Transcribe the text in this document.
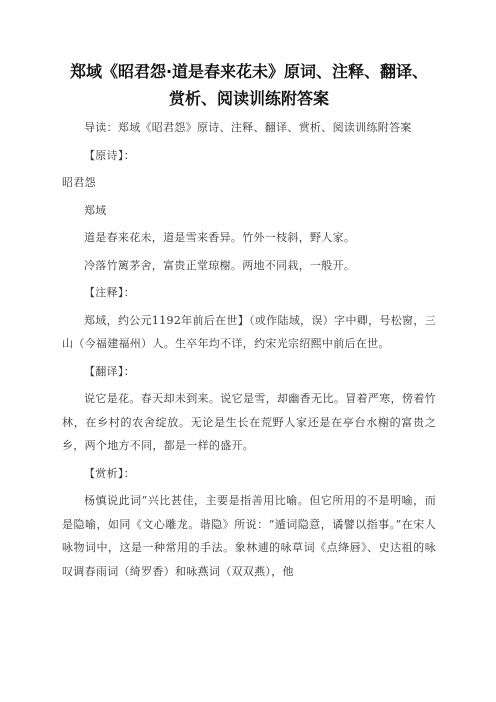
郑域《昭君怨·道是春来花未》原词、注释、翻译、赏析、阅读训练附答案
导读：郑域《昭君怨》原诗、注释、翻译、赏析、阅读训练附答案
【原诗】：
昭君怨
郑域
道是春来花未，道是雪来香异。竹外一枝斜，野人家。
冷落竹篱茅舍，富贵正堂琼榭。两地不同栽，一般开。
【注释】：
郑域，约公元1192年前后在世】（或作陆域，误）字中卿，号松窗，三山（今福建福州）人。生卒年均不详，约宋光宗绍熙中前后在世。
【翻译】：
说它是花。春天却未到来。说它是雪，却幽香无比。冒着严寒，傍着竹林，在乡村的农舍绽放。无论是生长在荒野人家还是在亭台水榭的富贵之乡，两个地方不同，都是一样的盛开。
【赏析】：
杨慎说此词“兴比甚佳，主要是指善用比喻。但它所用的不是明喻，而是隐喻，如同《文心雕龙。谐隐》所说：“遁词隐意，谲譬以指事。”在宋人咏物词中，这是一种常用的手法。象林逋的咏草词《点绛唇》、史达祖的咏叹调春雨词（绮罗香）和咏燕词（双双燕），他
